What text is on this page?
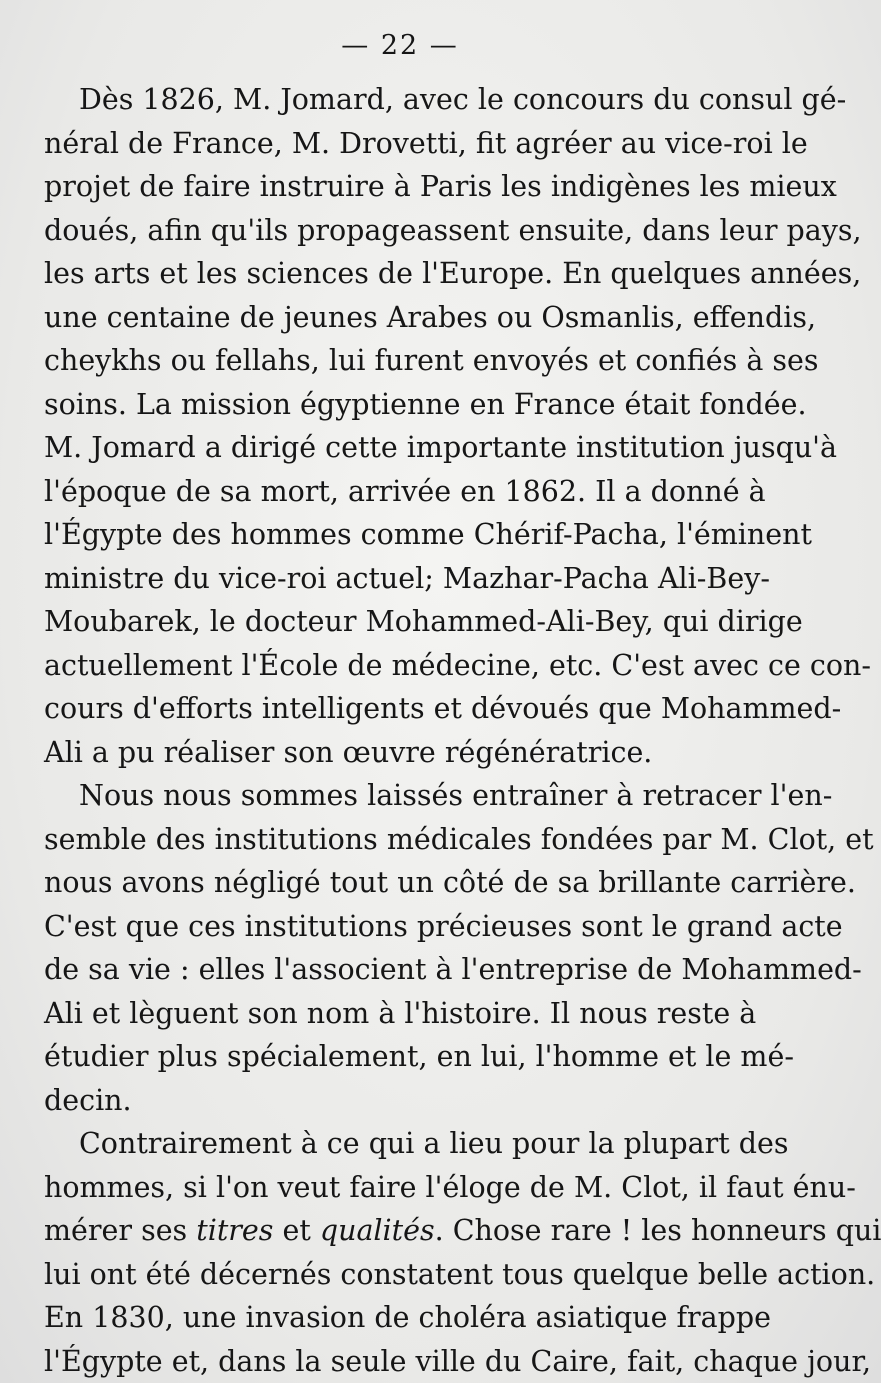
— 22 —
Dès 1826, M. Jomard, avec le concours du consul gé-
néral de France, M. Drovetti, fit agréer au vice-roi le
projet de faire instruire à Paris les indigènes les mieux
doués, afin qu'ils propageassent ensuite, dans leur pays,
les arts et les sciences de l'Europe. En quelques années,
une centaine de jeunes Arabes ou Osmanlis, effendis,
cheykhs ou fellahs, lui furent envoyés et confiés à ses
soins. La mission égyptienne en France était fondée.
M. Jomard a dirigé cette importante institution jusqu'à
l'époque de sa mort, arrivée en 1862. Il a donné à
l'Égypte des hommes comme Chérif-Pacha, l'éminent
ministre du vice-roi actuel; Mazhar-Pacha Ali-Bey-
Moubarek, le docteur Mohammed-Ali-Bey, qui dirige
actuellement l'École de médecine, etc. C'est avec ce con-
cours d'efforts intelligents et dévoués que Mohammed-
Ali a pu réaliser son œuvre régénératrice.
Nous nous sommes laissés entraîner à retracer l'en-
semble des institutions médicales fondées par M. Clot, et
nous avons négligé tout un côté de sa brillante carrière.
C'est que ces institutions précieuses sont le grand acte
de sa vie : elles l'associent à l'entreprise de Mohammed-
Ali et lèguent son nom à l'histoire. Il nous reste à
étudier plus spécialement, en lui, l'homme et le mé-
decin.
Contrairement à ce qui a lieu pour la plupart des
hommes, si l'on veut faire l'éloge de M. Clot, il faut énu-
mérer ses titres et qualités. Chose rare ! les honneurs qui
lui ont été décernés constatent tous quelque belle action.
En 1830, une invasion de choléra asiatique frappe
l'Égypte et, dans la seule ville du Caire, fait, chaque jour,
